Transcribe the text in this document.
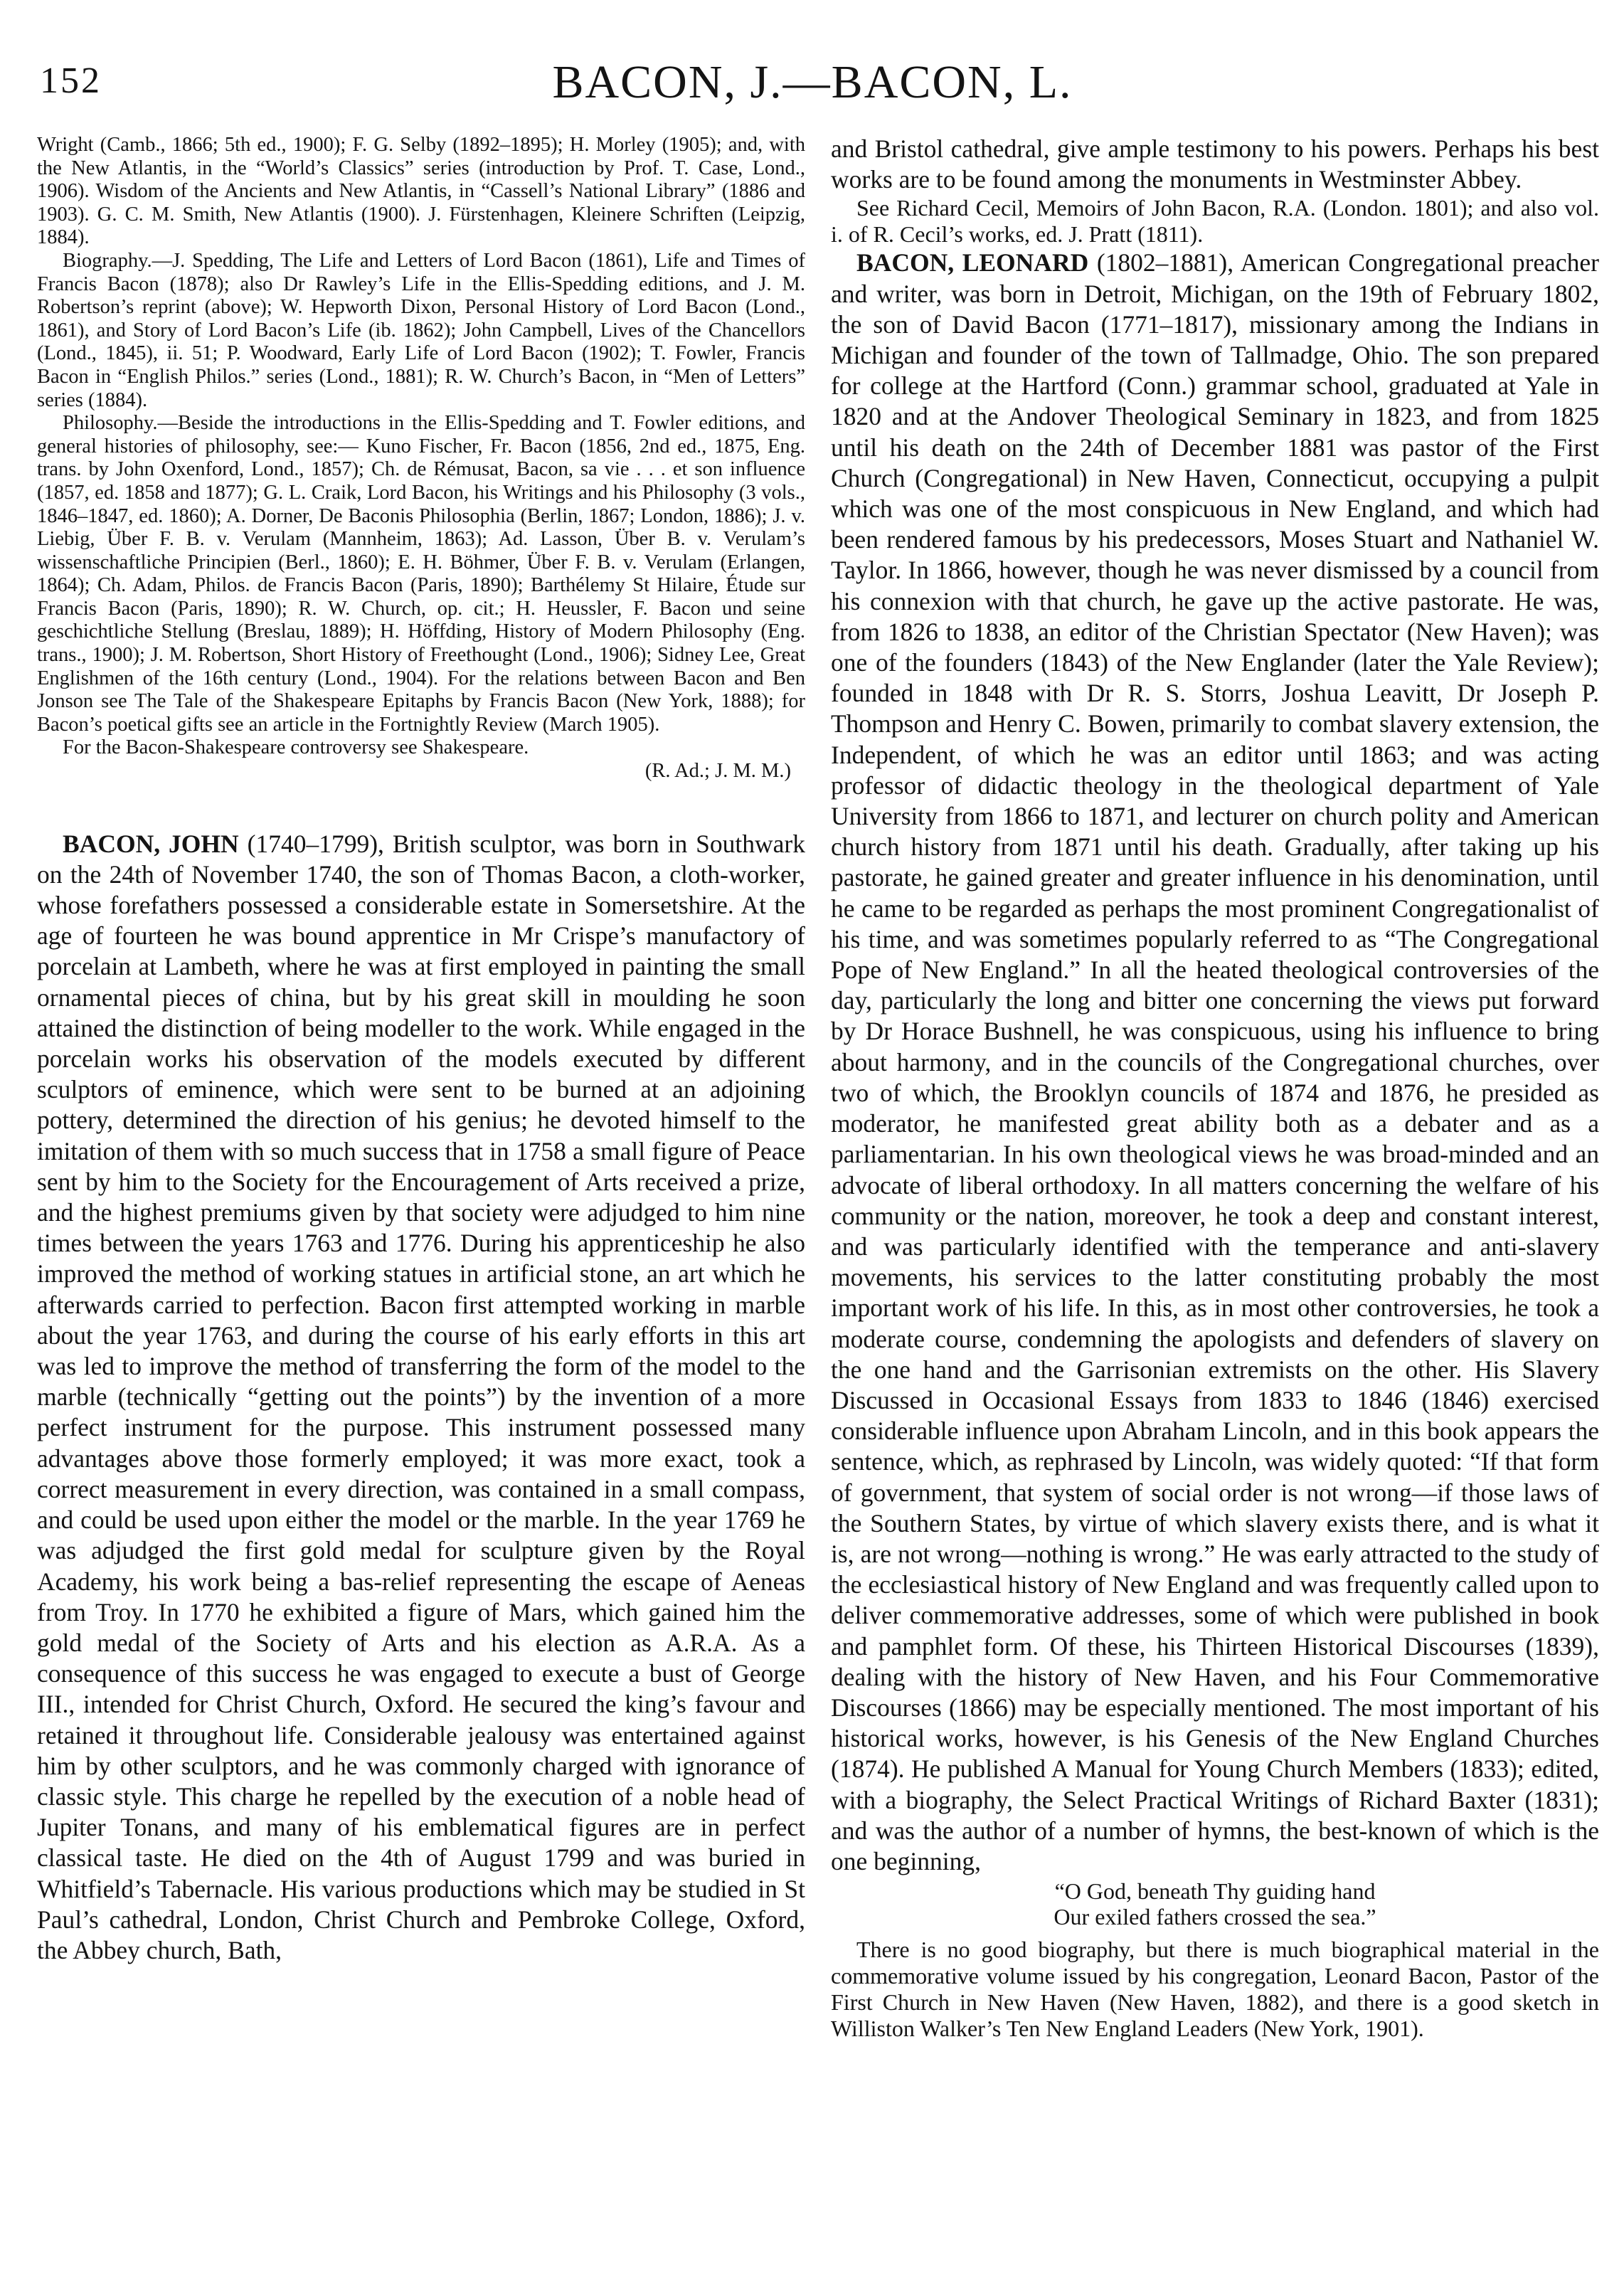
152	BACON, J.—BACON, L.

Wright (Camb., 1866; 5th ed., 1900); F. G. Selby (1892–1895); H. Morley (1905); and, with the New Atlantis, in the “World’s Classics” series (introduction by Prof. T. Case, Lond., 1906). Wisdom of the Ancients and New Atlantis, in “Cassell’s National Library” (1886 and 1903). G. C. M. Smith, New Atlantis (1900). J. Fürstenhagen, Kleinere Schriften (Leipzig, 1884).

Biography.—J. Spedding, The Life and Letters of Lord Bacon (1861), Life and Times of Francis Bacon (1878); also Dr Rawley’s Life in the Ellis-Spedding editions, and J. M. Robertson’s reprint (above); W. Hepworth Dixon, Personal History of Lord Bacon (Lond., 1861), and Story of Lord Bacon’s Life (ib. 1862); John Campbell, Lives of the Chancellors (Lond., 1845), ii. 51; P. Woodward, Early Life of Lord Bacon (1902); T. Fowler, Francis Bacon in “English Philos.” series (Lond., 1881); R. W. Church’s Bacon, in “Men of Letters” series (1884).

Philosophy.—Beside the introductions in the Ellis-Spedding and T. Fowler editions, and general histories of philosophy, see:— Kuno Fischer, Fr. Bacon (1856, 2nd ed., 1875, Eng. trans. by John Oxenford, Lond., 1857); Ch. de Rémusat, Bacon, sa vie . . . et son influence (1857, ed. 1858 and 1877); G. L. Craik, Lord Bacon, his Writings and his Philosophy (3 vols., 1846–1847, ed. 1860); A. Dorner, De Baconis Philosophia (Berlin, 1867; London, 1886); J. v. Liebig, Über F. B. v. Verulam (Mannheim, 1863); Ad. Lasson, Über B. v. Verulam’s wissenschaftliche Principien (Berl., 1860); E. H. Böhmer, Über F. B. v. Verulam (Erlangen, 1864); Ch. Adam, Philos. de Francis Bacon (Paris, 1890); Barthélemy St Hilaire, Étude sur Francis Bacon (Paris, 1890); R. W. Church, op. cit.; H. Heussler, F. Bacon und seine geschichtliche Stellung (Breslau, 1889); H. Höffding, History of Modern Philosophy (Eng. trans., 1900); J. M. Robertson, Short History of Freethought (Lond., 1906); Sidney Lee, Great Englishmen of the 16th century (Lond., 1904). For the relations between Bacon and Ben Jonson see The Tale of the Shakespeare Epitaphs by Francis Bacon (New York, 1888); for Bacon’s poetical gifts see an article in the Fortnightly Review (March 1905).

For the Bacon-Shakespeare controversy see Shakespeare.

(R. Ad.; J. M. M.)

BACON, JOHN (1740–1799), British sculptor, was born in Southwark on the 24th of November 1740, the son of Thomas Bacon, a cloth-worker, whose forefathers possessed a considerable estate in Somersetshire. At the age of fourteen he was bound apprentice in Mr Crispe’s manufactory of porcelain at Lambeth, where he was at first employed in painting the small ornamental pieces of china, but by his great skill in moulding he soon attained the distinction of being modeller to the work. While engaged in the porcelain works his observation of the models executed by different sculptors of eminence, which were sent to be burned at an adjoining pottery, determined the direction of his genius; he devoted himself to the imitation of them with so much success that in 1758 a small figure of Peace sent by him to the Society for the Encouragement of Arts received a prize, and the highest premiums given by that society were adjudged to him nine times between the years 1763 and 1776. During his apprenticeship he also improved the method of working statues in artificial stone, an art which he afterwards carried to perfection. Bacon first attempted working in marble about the year 1763, and during the course of his early efforts in this art was led to improve the method of transferring the form of the model to the marble (technically “getting out the points”) by the invention of a more perfect instrument for the purpose. This instrument possessed many advantages above those formerly employed; it was more exact, took a correct measurement in every direction, was contained in a small compass, and could be used upon either the model or the marble. In the year 1769 he was adjudged the first gold medal for sculpture given by the Royal Academy, his work being a bas-relief representing the escape of Aeneas from Troy. In 1770 he exhibited a figure of Mars, which gained him the gold medal of the Society of Arts and his election as A.R.A. As a consequence of this success he was engaged to execute a bust of George III., intended for Christ Church, Oxford. He secured the king’s favour and retained it throughout life. Considerable jealousy was entertained against him by other sculptors, and he was commonly charged with ignorance of classic style. This charge he repelled by the execution of a noble head of Jupiter Tonans, and many of his emblematical figures are in perfect classical taste. He died on the 4th of August 1799 and was buried in Whitfield’s Tabernacle. His various productions which may be studied in St Paul’s cathedral, London, Christ Church and Pembroke College, Oxford, the Abbey church, Bath,

and Bristol cathedral, give ample testimony to his powers. Perhaps his best works are to be found among the monuments in Westminster Abbey.

See Richard Cecil, Memoirs of John Bacon, R.A. (London. 1801); and also vol. i. of R. Cecil’s works, ed. J. Pratt (1811).

BACON, LEONARD (1802–1881), American Congregational preacher and writer, was born in Detroit, Michigan, on the 19th of February 1802, the son of David Bacon (1771–1817), missionary among the Indians in Michigan and founder of the town of Tallmadge, Ohio. The son prepared for college at the Hartford (Conn.) grammar school, graduated at Yale in 1820 and at the Andover Theological Seminary in 1823, and from 1825 until his death on the 24th of December 1881 was pastor of the First Church (Congregational) in New Haven, Connecticut, occupying a pulpit which was one of the most conspicuous in New England, and which had been rendered famous by his predecessors, Moses Stuart and Nathaniel W. Taylor. In 1866, however, though he was never dismissed by a council from his connexion with that church, he gave up the active pastorate. He was, from 1826 to 1838, an editor of the Christian Spectator (New Haven); was one of the founders (1843) of the New Englander (later the Yale Review); founded in 1848 with Dr R. S. Storrs, Joshua Leavitt, Dr Joseph P. Thompson and Henry C. Bowen, primarily to combat slavery extension, the Independent, of which he was an editor until 1863; and was acting professor of didactic theology in the theological department of Yale University from 1866 to 1871, and lecturer on church polity and American church history from 1871 until his death. Gradually, after taking up his pastorate, he gained greater and greater influence in his denomination, until he came to be regarded as perhaps the most prominent Congregationalist of his time, and was sometimes popularly referred to as “The Congregational Pope of New England.” In all the heated theological controversies of the day, particularly the long and bitter one concerning the views put forward by Dr Horace Bushnell, he was conspicuous, using his influence to bring about harmony, and in the councils of the Congregational churches, over two of which, the Brooklyn councils of 1874 and 1876, he presided as moderator, he manifested great ability both as a debater and as a parliamentarian. In his own theological views he was broad-minded and an advocate of liberal orthodoxy. In all matters concerning the welfare of his community or the nation, moreover, he took a deep and constant interest, and was particularly identified with the temperance and anti-slavery movements, his services to the latter constituting probably the most important work of his life. In this, as in most other controversies, he took a moderate course, condemning the apologists and defenders of slavery on the one hand and the Garrisonian extremists on the other. His Slavery Discussed in Occasional Essays from 1833 to 1846 (1846) exercised considerable influence upon Abraham Lincoln, and in this book appears the sentence, which, as rephrased by Lincoln, was widely quoted: “If that form of government, that system of social order is not wrong—if those laws of the Southern States, by virtue of which slavery exists there, and is what it is, are not wrong—nothing is wrong.” He was early attracted to the study of the ecclesiastical history of New England and was frequently called upon to deliver commemorative addresses, some of which were published in book and pamphlet form. Of these, his Thirteen Historical Discourses (1839), dealing with the history of New Haven, and his Four Commemorative Discourses (1866) may be especially mentioned. The most important of his historical works, however, is his Genesis of the New England Churches (1874). He published A Manual for Young Church Members (1833); edited, with a biography, the Select Practical Writings of Richard Baxter (1831); and was the author of a number of hymns, the best-known of which is the one beginning,

“O God, beneath Thy guiding hand
Our exiled fathers crossed the sea.”

There is no good biography, but there is much biographical material in the commemorative volume issued by his congregation, Leonard Bacon, Pastor of the First Church in New Haven (New Haven, 1882), and there is a good sketch in Williston Walker’s Ten New England Leaders (New York, 1901).
